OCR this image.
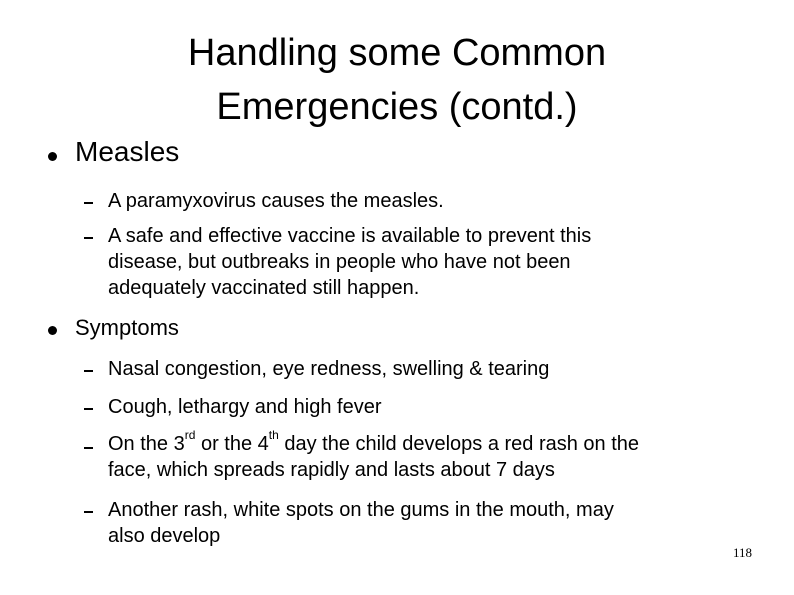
Handling some Common
Emergencies (contd.)
Measles
A paramyxovirus causes the measles.
A safe and effective vaccine is available to prevent this
disease, but outbreaks in people who have not been
adequately vaccinated still happen.
Symptoms
Nasal congestion, eye redness, swelling & tearing
Cough, lethargy and high fever
On the 3rd or the 4th day the child develops a red rash on the
face, which spreads rapidly and lasts about 7 days
Another rash, white spots on the gums in the mouth, may
also develop
118
